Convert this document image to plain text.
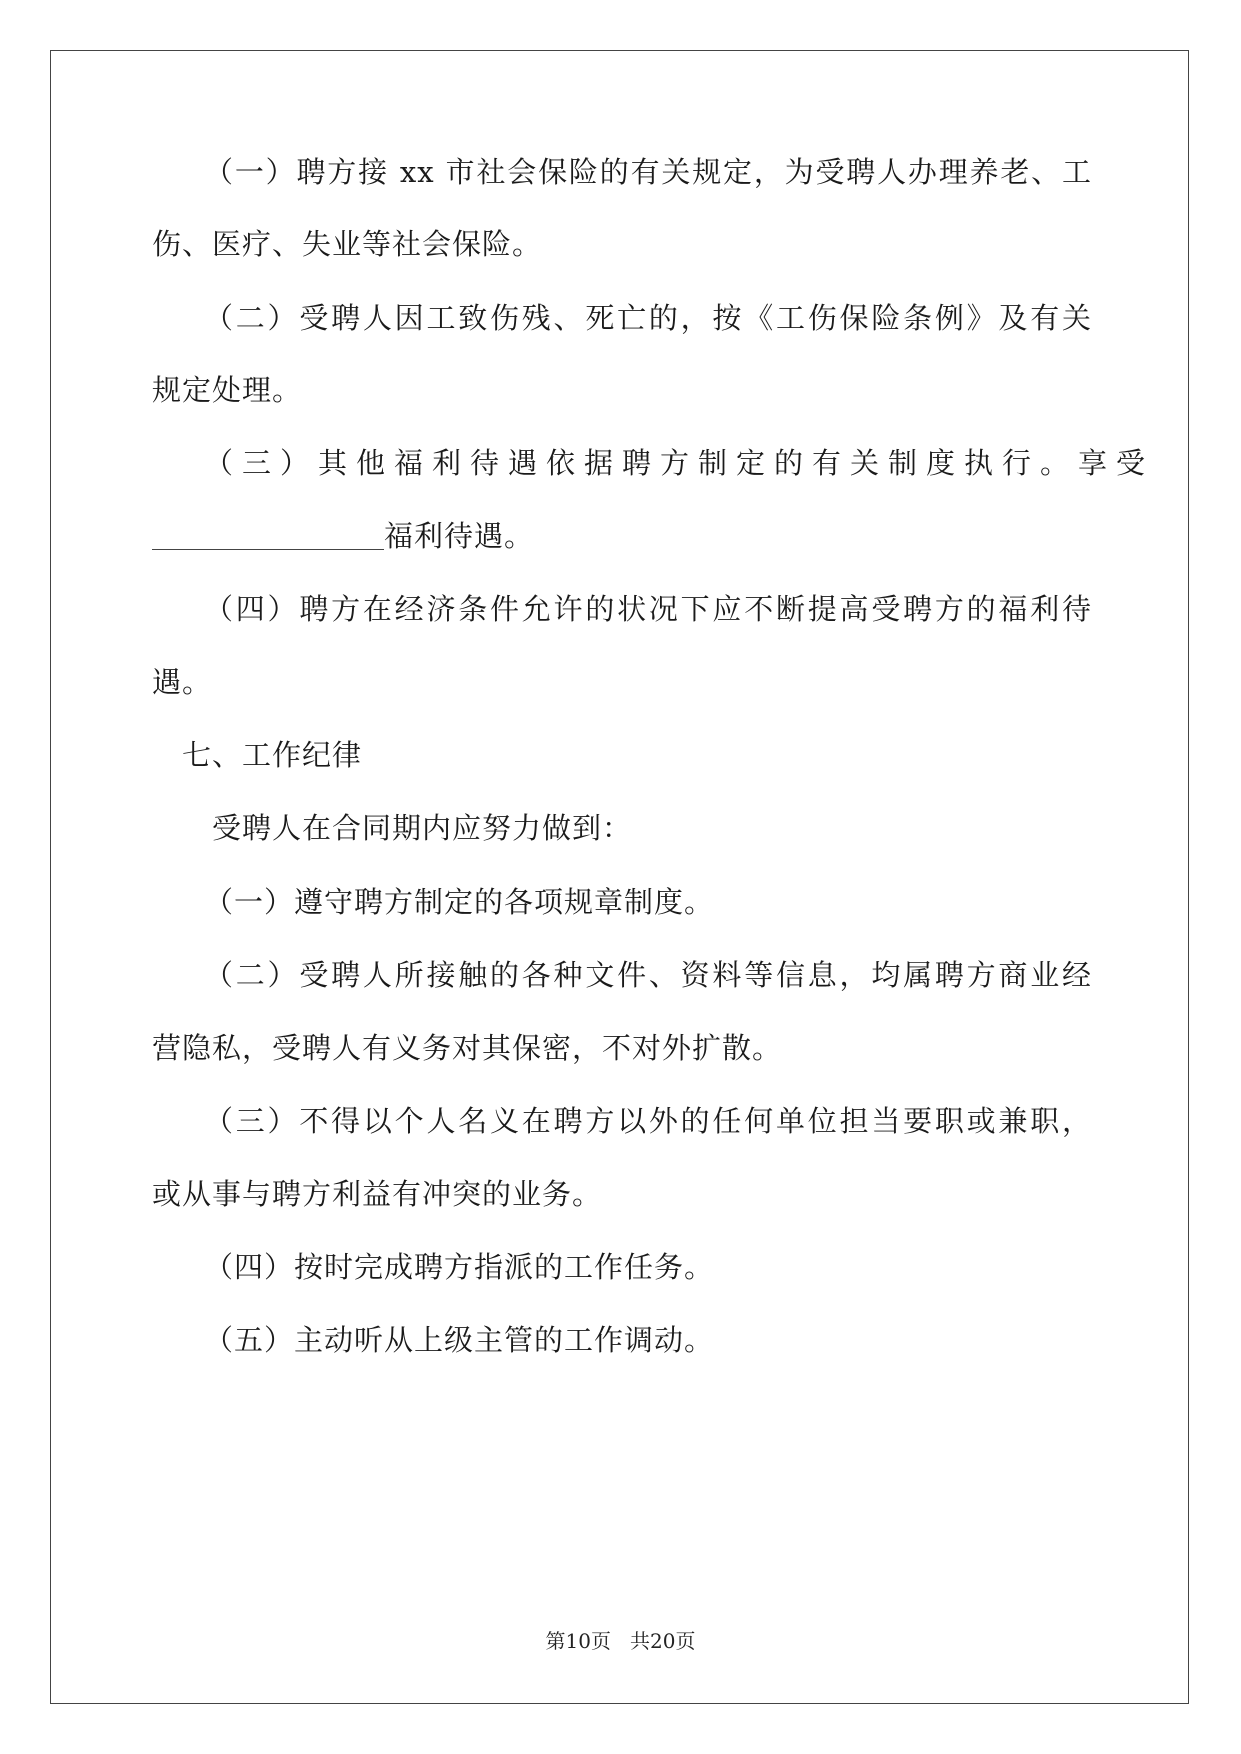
（一）聘方接 xx 市社会保险的有关规定，为受聘人办理养老、工
伤、医疗、失业等社会保险。
（二）受聘人因工致伤残、死亡的，按《工伤保险条例》及有关
规定处理。
（三）其他福利待遇依据聘方制定的有关制度执行。享受
福利待遇。
（四）聘方在经济条件允许的状况下应不断提高受聘方的福利待
遇。
七、工作纪律
受聘人在合同期内应努力做到：
（一）遵守聘方制定的各项规章制度。
（二）受聘人所接触的各种文件、资料等信息，均属聘方商业经
营隐私，受聘人有义务对其保密，不对外扩散。
（三）不得以个人名义在聘方以外的任何单位担当要职或兼职，
或从事与聘方利益有冲突的业务。
（四）按时完成聘方指派的工作任务。
（五）主动听从上级主管的工作调动。
第10页 共20页
